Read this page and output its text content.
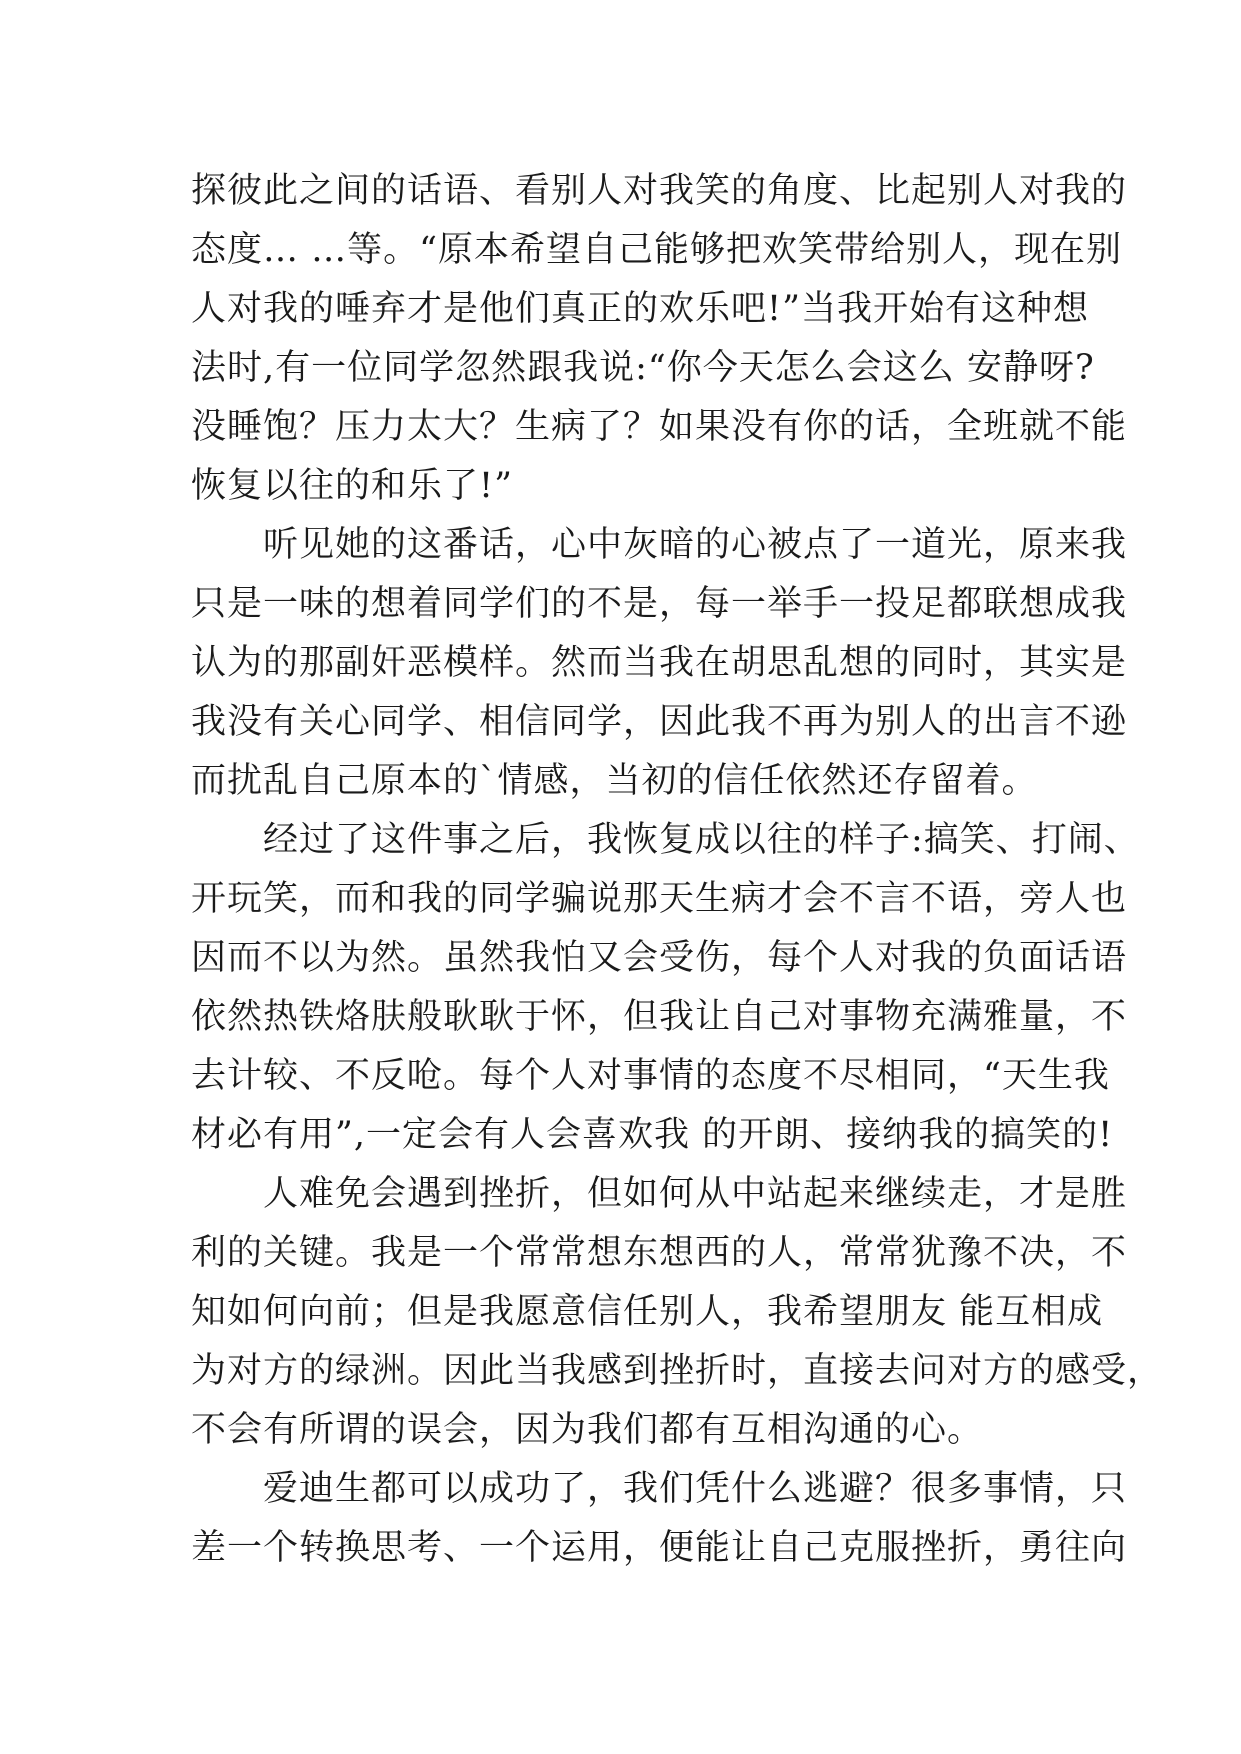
探彼此之间的话语、看别人对我笑的角度、比起别人对我的
态度… …等。“原本希望自己能够把欢笑带给别人，现在别
人对我的唾弃才是他们真正的欢乐吧!”当我开始有这种想
法时,有一位同学忽然跟我说:“你今天怎么会这么 安静呀?
没睡饱？压力太大？生病了？如果没有你的话，全班就不能
恢复以往的和乐了!”
　　听见她的这番话，心中灰暗的心被点了一道光，原来我
只是一味的想着同学们的不是，每一举手一投足都联想成我
认为的那副奸恶模样。然而当我在胡思乱想的同时，其实是
我没有关心同学、相信同学，因此我不再为别人的出言不逊
而扰乱自己原本的`情感，当初的信任依然还存留着。
　　经过了这件事之后，我恢复成以往的样子:搞笑、打闹、
开玩笑，而和我的同学骗说那天生病才会不言不语，旁人也
因而不以为然。虽然我怕又会受伤，每个人对我的负面话语
依然热铁烙肤般耿耿于怀，但我让自己对事物充满雅量，不
去计较、不反呛。每个人对事情的态度不尽相同，“天生我
材必有用”,一定会有人会喜欢我 的开朗、接纳我的搞笑的!
　　人难免会遇到挫折，但如何从中站起来继续走，才是胜
利的关键。我是一个常常想东想西的人，常常犹豫不决，不
知如何向前；但是我愿意信任别人，我希望朋友 能互相成
为对方的绿洲。因此当我感到挫折时，直接去问对方的感受，
不会有所谓的误会，因为我们都有互相沟通的心。
　　爱迪生都可以成功了，我们凭什么逃避？很多事情，只
差一个转换思考、一个运用，便能让自己克服挫折，勇往向
